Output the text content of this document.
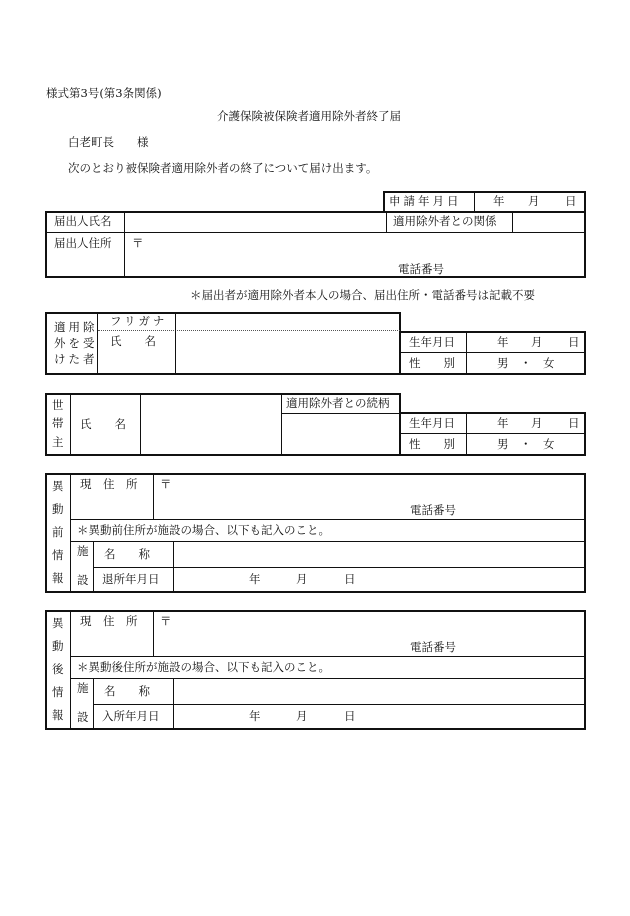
様式第3号(第3条関係)
介護保険被保険者適用除外者終了届
白老町長　　様
次のとおり被保険者適用除外者の終了について届け出ます。
申請年月日	年 月 日
届出人氏名	適用除外者との関係
届出人住所 〒
電話番号
＊届出者が適用除外者本人の場合、届出住所・電話番号は記載不要
適用除
外を受
けた者
フリガナ
氏　　名	生年月日	年 月 日
性　　別	男　・　女
世
帯
主
氏　　名
適用除外者との続柄
生年月日	年 月 日
性　　別	男　・　女
異
動
前
情
報
現　住　所 〒
電話番号
＊異動前住所が施設の場合、以下も記入のこと。
施
設
名　　称
退所年月日	年	月	日
異
動
後
情
報
現　住　所 〒
電話番号
＊異動後住所が施設の場合、以下も記入のこと。
施
設
名　　称
入所年月日	年	月	日
